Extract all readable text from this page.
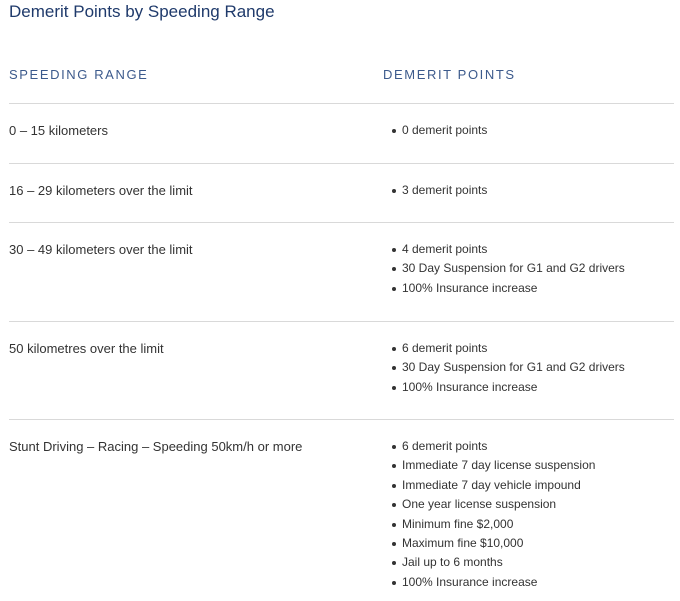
Demerit Points by Speeding Range
SPEEDING RANGE	DEMERIT POINTS
0 – 15 kilometers	0 demerit points
16 – 29 kilometers over the limit	3 demerit points
30 – 49 kilometers over the limit	4 demerit points
30 Day Suspension for G1 and G2 drivers
100% Insurance increase
50 kilometres over the limit	6 demerit points
30 Day Suspension for G1 and G2 drivers
100% Insurance increase
Stunt Driving – Racing – Speeding 50km/h or more	6 demerit points
Immediate 7 day license suspension
Immediate 7 day vehicle impound
One year license suspension
Minimum fine $2,000
Maximum fine $10,000
Jail up to 6 months
100% Insurance increase
